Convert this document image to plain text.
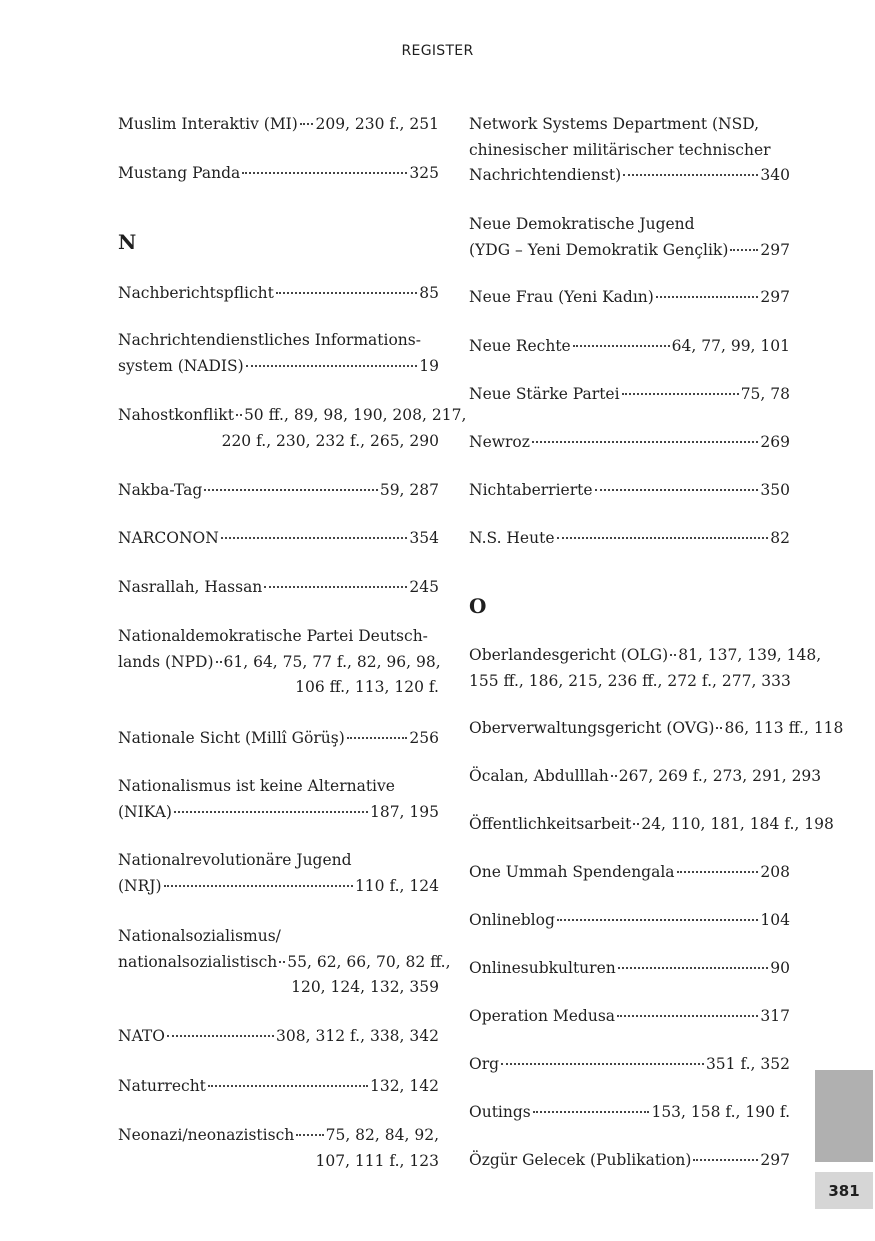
REGISTER
Muslim Interaktiv (MI) 209, 230 f., 251
Mustang Panda	325
N
Nachberichtspflicht	85
Nachrichtendienstliches Informations-
system (NADIS)	19
Nahostkonflikt 50 ff., 89, 98, 190, 208, 217,
220 f., 230, 232 f., 265, 290
Nakba-Tag	59, 287
NARCONON	354
Nasrallah, Hassan	245
Nationaldemokratische Partei Deutsch-
lands (NPD) 61, 64, 75, 77 f., 82, 96, 98,
106 ff., 113, 120 f.
Nationale Sicht (Millî Görüş)	256
Nationalismus ist keine Alternative
(NIKA)	187, 195
Nationalrevolutionäre Jugend
(NRJ)	110 f., 124
Nationalsozialismus/
nationalsozialistisch 55, 62, 66, 70, 82 ff.,
120, 124, 132, 359
NATO	308, 312 f., 338, 342
Naturrecht	132, 142
Neonazi/neonazistisch 75, 82, 84, 92,
107, 111 f., 123
Network Systems Department (NSD,
chinesischer militärischer technischer
Nachrichtendienst)	340
Neue Demokratische Jugend
(YDG – Yeni Demokratik Gençlik) 297
Neue Frau (Yeni Kadın)	297
Neue Rechte	64, 77, 99, 101
Neue Stärke Partei	75, 78
Newroz	269
Nichtaberrierte	350
N.S. Heute	82
O
Oberlandesgericht (OLG) 81, 137, 139, 148,
155 ff., 186, 215, 236 ff., 272 f., 277, 333
Oberverwaltungsgericht (OVG) 86, 113 ff., 118
Öcalan, Abdulllah 267, 269 f., 273, 291, 293
Öffentlichkeitsarbeit 24, 110, 181, 184 f., 198
One Ummah Spendengala	208
Onlineblog	104
Onlinesubkulturen	90
Operation Medusa	317
Org	351 f., 352
Outings	153, 158 f., 190 f.
Özgür Gelecek (Publikation)	297
381
